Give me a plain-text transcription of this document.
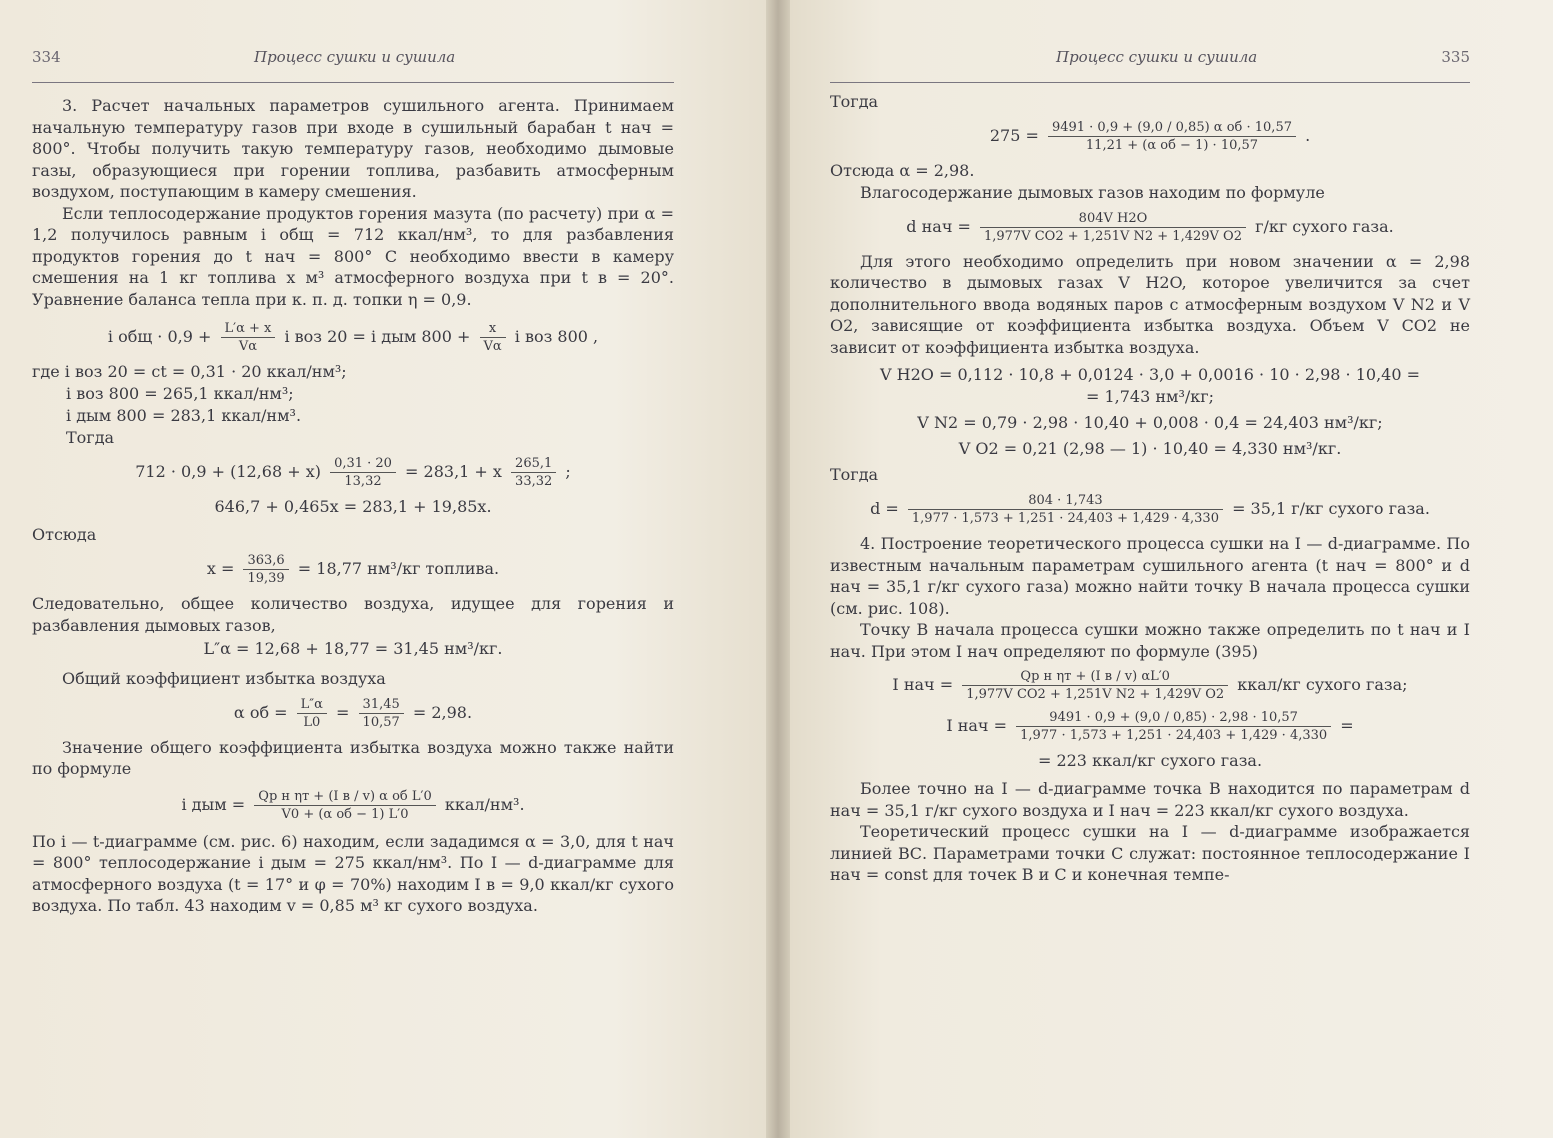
334	Процесс сушки и сушила

3. Расчет начальных параметров сушильного агента. Принимаем начальную температуру газов при входе в сушильный барабан t нач = 800°. Чтобы получить такую температуру газов, необходимо дымовые газы, образующиеся при горении топлива, разбавить атмосферным воздухом, поступающим в камеру смешения.

Если теплосодержание продуктов горения мазута (по расчету) при α = 1,2 получилось равным i общ = 712 ккал/нм³, то для разбавления продуктов горения до t нач = 800° С необходимо ввести в камеру смешения на 1 кг топлива x м³ атмосферного воздуха при t в = 20°. Уравнение баланса тепла при к. п. д. топки η = 0,9.

i общ · $0,9 + \frac{L'\alpha + x}{V\alpha}$ i воз 20 = i дым $800 + \frac{x}{V\alpha}$ i воз 800 ,

где i воз 20 = ct = 0,31 · 20 ккал/нм³;

i воз 800 = 265,1 ккал/нм³;

i дым 800 = 283,1 ккал/нм³.

Тогда

$712 \cdot 0,9 + (12,68 + x) \frac{0,31 \cdot 20}{13,32} = 283,1 + x \frac{265,1}{33,32}$ ;
646,7 + 0,465x = 283,1 + 19,85x.

Отсюда

$x = \frac{363,6}{19,39} = 18,77$ нм³/кг топлива.

Следовательно, общее количество воздуха, идущее для горения и разбавления дымовых газов,

L″α = 12,68 + 18,77 = 31,45 нм³/кг.

Общий коэффициент избытка воздуха

α об = $\frac{L''\alpha}{L0} = \frac{31,45}{10,57} = 2,98$.

Значение общего коэффициента избытка воздуха можно также найти по формуле

i дым = $\frac{\text{Qр н ηт + (I в / v) α об L′0}}{\text{V0 + (α об − 1) L′0}}$ ккал/нм³.

По i — t-диаграмме (см. рис. 6) находим, если зададимся α = 3,0, для t нач = 800° теплосодержание i дым = 275 ккал/нм³. По I — d-диаграмме для атмосферного воздуха (t = 17° и φ = 70%) находим I в = 9,0 ккал/кг сухого воздуха. По табл. 43 находим v = 0,85 м³ кг сухого воздуха.

Процесс сушки и сушила	335

Тогда

$275 = \frac{\text{9491 · 0,9 + (9,0 / 0,85) α об · 10,57}}{\text{11,21 + (α об − 1) · 10,57}}$ .

Отсюда α = 2,98.

Влагосодержание дымовых газов находим по формуле

d нач = $\frac{\text{804V H2O}}{\text{1,977V CO2 + 1,251V N2 + 1,429V O2}} г/кг$ сухого газа.

Для этого необходимо определить при новом значении α = 2,98 количество в дымовых газах V H2O, которое увеличится за счет дополнительного ввода водяных паров с атмосферным воздухом V N2 и V O2, зависящие от коэффициента избытка воздуха. Объем V CO2 не зависит от коэффициента избытка воздуха.

V H2O = 0,112 · 10,8 + 0,0124 · 3,0 + 0,0016 · 10 · 2,98 · 10,40 =
= 1,743 нм³/кг;
V N2 = 0,79 · 2,98 · 10,40 + 0,008 · 0,4 = 24,403 нм³/кг;
V O2 = 0,21 (2,98 — 1) · 10,40 = 4,330 нм³/кг.

Тогда

$d = \frac{804 \cdot 1,743}{1,977 \cdot 1,573 + 1,251 \cdot 24,403 + 1,429 \cdot 4,330} = 35,1$ г/кг сухого газа.

4. Построение теоретического процесса сушки на I — d-диаграмме. По известным начальным параметрам сушильного агента (t нач = 800° и d нач = 35,1 г/кг сухого газа) можно найти точку В начала процесса сушки (см. рис. 108).

Точку В начала процесса сушки можно также определить по t нач и I нач. При этом I нач определяют по формуле (395)

I нач = $\frac{\text{Qр н ηт + (I в / v) αL′0}}{\text{1,977V CO2 + 1,251V N2 + 1,429V O2}}$ ккал/кг сухого газа;
I нач = $\frac{9491 \cdot 0,9 + (9,0 / 0,85) \cdot 2,98 \cdot 10,57}{1,977 \cdot 1,573 + 1,251 \cdot 24,403 + 1,429 \cdot 4,330}$ =
= 223 ккал/кг сухого газа.

Более точно на I — d-диаграмме точка В находится по параметрам d нач = 35,1 г/кг сухого воздуха и I нач = 223 ккал/кг сухого воздуха.

Теоретический процесс сушки на I — d-диаграмме изображается линией ВС. Параметрами точки С служат: постоянное теплосодержание I нач = const для точек В и С и конечная темпе-
